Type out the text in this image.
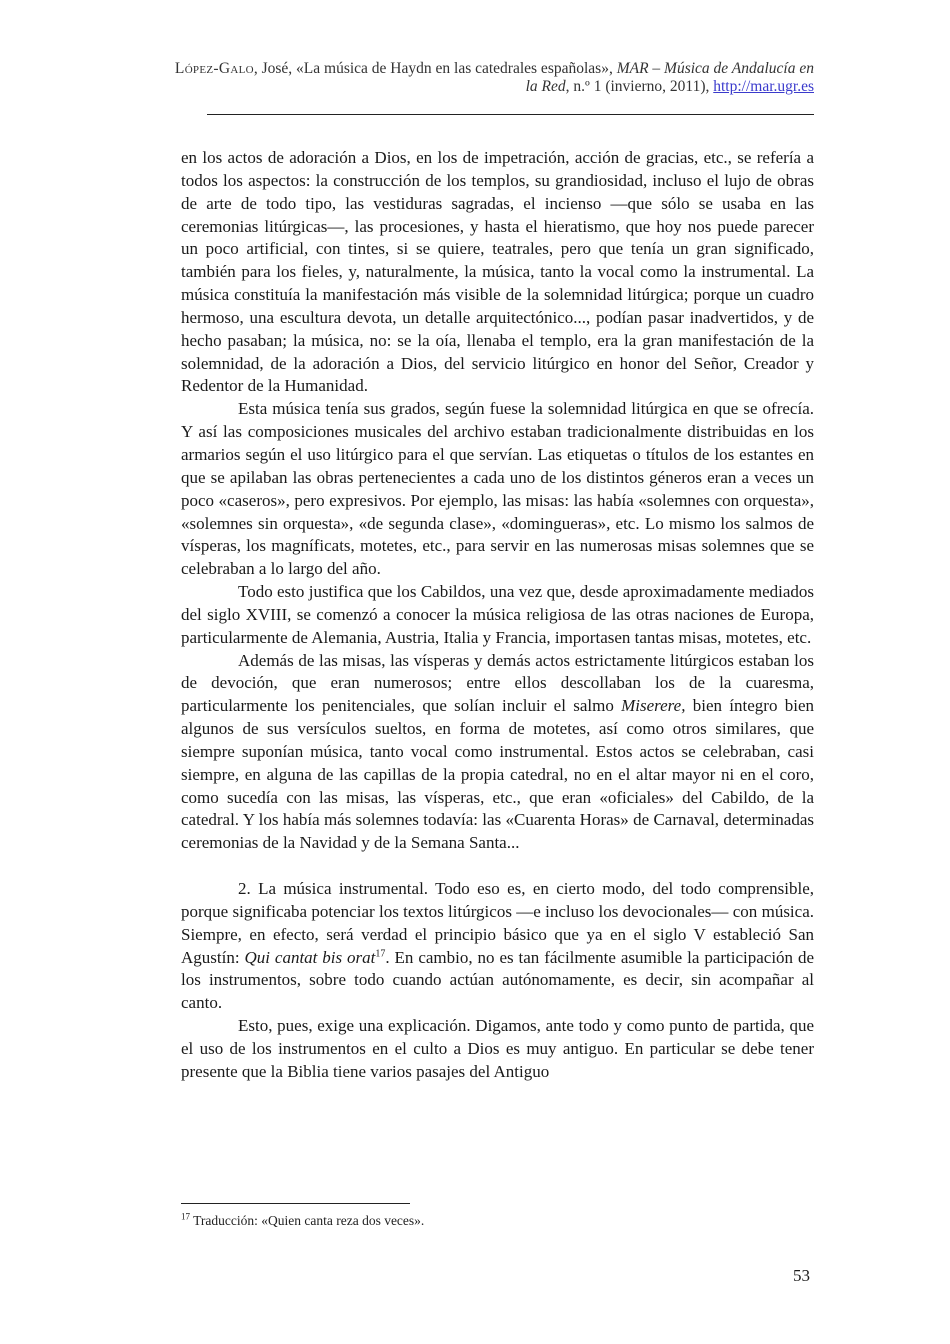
López-Galo, José, «La música de Haydn en las catedrales españolas», MAR – Música de Andalucía en la Red, n.º 1 (invierno, 2011), http://mar.ugr.es

en los actos de adoración a Dios, en los de impetración, acción de gracias, etc., se refería a todos los aspectos: la construcción de los templos, su grandiosidad, incluso el lujo de obras de arte de todo tipo, las vestiduras sagradas, el incienso —que sólo se usaba en las ceremonias litúrgicas—, las procesiones, y hasta el hieratismo, que hoy nos puede parecer un poco artificial, con tintes, si se quiere, teatrales, pero que tenía un gran significado, también para los fieles, y, naturalmente, la música, tanto la vocal como la instrumental. La música constituía la manifestación más visible de la solemnidad litúrgica; porque un cuadro hermoso, una escultura devota, un detalle arquitectónico..., podían pasar inadvertidos, y de hecho pasaban; la música, no: se la oía, llenaba el templo, era la gran manifestación de la solemnidad, de la adoración a Dios, del servicio litúrgico en honor del Señor, Creador y Redentor de la Humanidad.

Esta música tenía sus grados, según fuese la solemnidad litúrgica en que se ofrecía. Y así las composiciones musicales del archivo estaban tradicionalmente distribuidas en los armarios según el uso litúrgico para el que servían. Las etiquetas o títulos de los estantes en que se apilaban las obras pertenecientes a cada uno de los distintos géneros eran a veces un poco «caseros», pero expresivos. Por ejemplo, las misas: las había «solemnes con orquesta», «solemnes sin orquesta», «de segunda clase», «domingueras», etc. Lo mismo los salmos de vísperas, los magníficats, motetes, etc., para servir en las numerosas misas solemnes que se celebraban a lo largo del año.

Todo esto justifica que los Cabildos, una vez que, desde aproximadamente mediados del siglo XVIII, se comenzó a conocer la música religiosa de las otras naciones de Europa, particularmente de Alemania, Austria, Italia y Francia, importasen tantas misas, motetes, etc.

Además de las misas, las vísperas y demás actos estrictamente litúrgicos estaban los de devoción, que eran numerosos; entre ellos descollaban los de la cuaresma, particularmente los penitenciales, que solían incluir el salmo Miserere, bien íntegro bien algunos de sus versículos sueltos, en forma de motetes, así como otros similares, que siempre suponían música, tanto vocal como instrumental. Estos actos se celebraban, casi siempre, en alguna de las capillas de la propia catedral, no en el altar mayor ni en el coro, como sucedía con las misas, las vísperas, etc., que eran «oficiales» del Cabildo, de la catedral. Y los había más solemnes todavía: las «Cuarenta Horas» de Carnaval, determinadas ceremonias de la Navidad y de la Semana Santa...

2. La música instrumental. Todo eso es, en cierto modo, del todo comprensible, porque significaba potenciar los textos litúrgicos —e incluso los devocionales— con música. Siempre, en efecto, será verdad el principio básico que ya en el siglo V estableció San Agustín: Qui cantat bis orat$^{17}$. En cambio, no es tan fácilmente asumible la participación de los instrumentos, sobre todo cuando actúan autónomamente, es decir, sin acompañar al canto.

Esto, pues, exige una explicación. Digamos, ante todo y como punto de partida, que el uso de los instrumentos en el culto a Dios es muy antiguo. En particular se debe tener presente que la Biblia tiene varios pasajes del Antiguo

$^{17}$ Traducción: «Quien canta reza dos veces».
53
